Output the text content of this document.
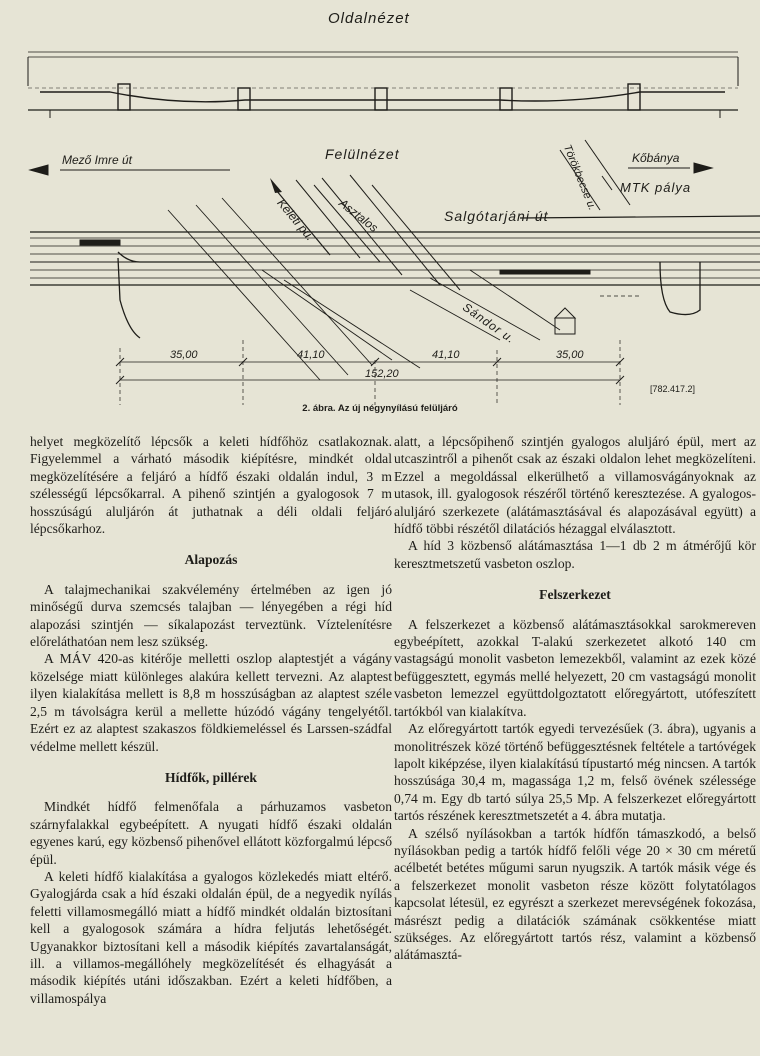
Oldalnézet
Felülnézet
Mező Imre út	Kőbánya
Keleti pu. Asztalos	Salgótarjáni út
Törökbecse u. MTK pálya
Sándor u.
35,00	41,10	41,10	35,00
152,20
[782.417.2]
2. ábra. Az új négynyílású felüljáró

helyet megközelítő lépcsők a keleti hídfőhöz csatlakoznak. Figyelemmel a várható második kiépítésre, mindkét oldal megközelítésére a feljáró a hídfő északi oldalán indul, 3 m szélességű lépcsőkarral. A pihenő szintjén a gyalogosok 7 m hosszúságú aluljárón át juthatnak a déli oldali feljáró lépcsőkarhoz.

Alapozás

A talajmechanikai szakvélemény értelmében az igen jó minőségű durva szemcsés talajban — lényegében a régi híd alapozási szintjén — síkalapozást terveztünk. Víztelenítésre előreláthatóan nem lesz szükség.

A MÁV 420-as kitérője melletti oszlop alaptestjét a vágány közelsége miatt különleges alakúra kellett tervezni. Az alaptest ilyen kialakítása mellett is 8,8 m hosszúságban az alaptest széle 2,5 m távolságra kerül a mellette húzódó vágány tengelyétől. Ezért ez az alaptest szakaszos földkiemeléssel és Larssen-szádfal védelme mellett készül.

Hídfők, pillérek

Mindkét hídfő felmenőfala a párhuzamos vasbeton szárnyfalakkal egybeépített. A nyugati hídfő északi oldalán egyenes karú, egy közbenső pihenővel ellátott közforgalmú lépcső épül.

A keleti hídfő kialakítása a gyalogos közlekedés miatt eltérő. Gyalogjárda csak a híd északi oldalán épül, de a negyedik nyílás feletti villamosmegálló miatt a hídfő mindkét oldalán biztosítani kell a gyalogosok számára a hídra feljutás lehetőségét. Ugyanakkor biztosítani kell a második kiépítés zavartalanságát, ill. a villamos-megállóhely megközelítését és elhagyását a második kiépítés utáni időszakban. Ezért a keleti hídfőben, a villamospálya

alatt, a lépcsőpihenő szintjén gyalogos aluljáró épül, mert az utcaszintről a pihenőt csak az északi oldalon lehet megközelíteni. Ezzel a megoldással elkerülhető a villamosvágányoknak az utasok, ill. gyalogosok részéről történő keresztezése. A gyalogos-aluljáró szerkezete (alátámasztásával és alapozásával együtt) a hídfő többi részétől dilatációs hézaggal elválasztott.

A híd 3 közbenső alátámasztása 1—1 db 2 m átmérőjű kör keresztmetszetű vasbeton oszlop.

Felszerkezet

A felszerkezet a közbenső alátámasztásokkal sarokmereven egybeépített, azokkal T-alakú szerkezetet alkotó 140 cm vastagságú monolit vasbeton lemezekből, valamint az ezek közé befüggesztett, egymás mellé helyezett, 20 cm vastagságú monolit vasbeton lemezzel együttdolgoztatott előregyártott, utófeszített tartókból van kialakítva.

Az előregyártott tartók egyedi tervezésűek (3. ábra), ugyanis a monolitrészek közé történő befüggesztésnek feltétele a tartóvégek lapolt kiképzése, ilyen kialakítású típustartó még nincsen. A tartók hosszúsága 30,4 m, magassága 1,2 m, felső övének szélessége 0,74 m. Egy db tartó súlya 25,5 Mp. A felszerkezet előregyártott tartós részének keresztmetszetét a 4. ábra mutatja.

A szélső nyílásokban a tartók hídfőn támaszkodó, a belső nyílásokban pedig a tartók hídfő felőli vége 20 × 30 cm méretű acélbetét betétes műgumi sarun nyugszik. A tartók másik vége és a felszerkezet monolit vasbeton része között folytatólagos kapcsolat létesül, ez egyrészt a szerkezet merevségének fokozása, másrészt pedig a dilatációk számának csökkentése miatt szükséges. Az előregyártott tartós rész, valamint a közbenső alátámasztá-
